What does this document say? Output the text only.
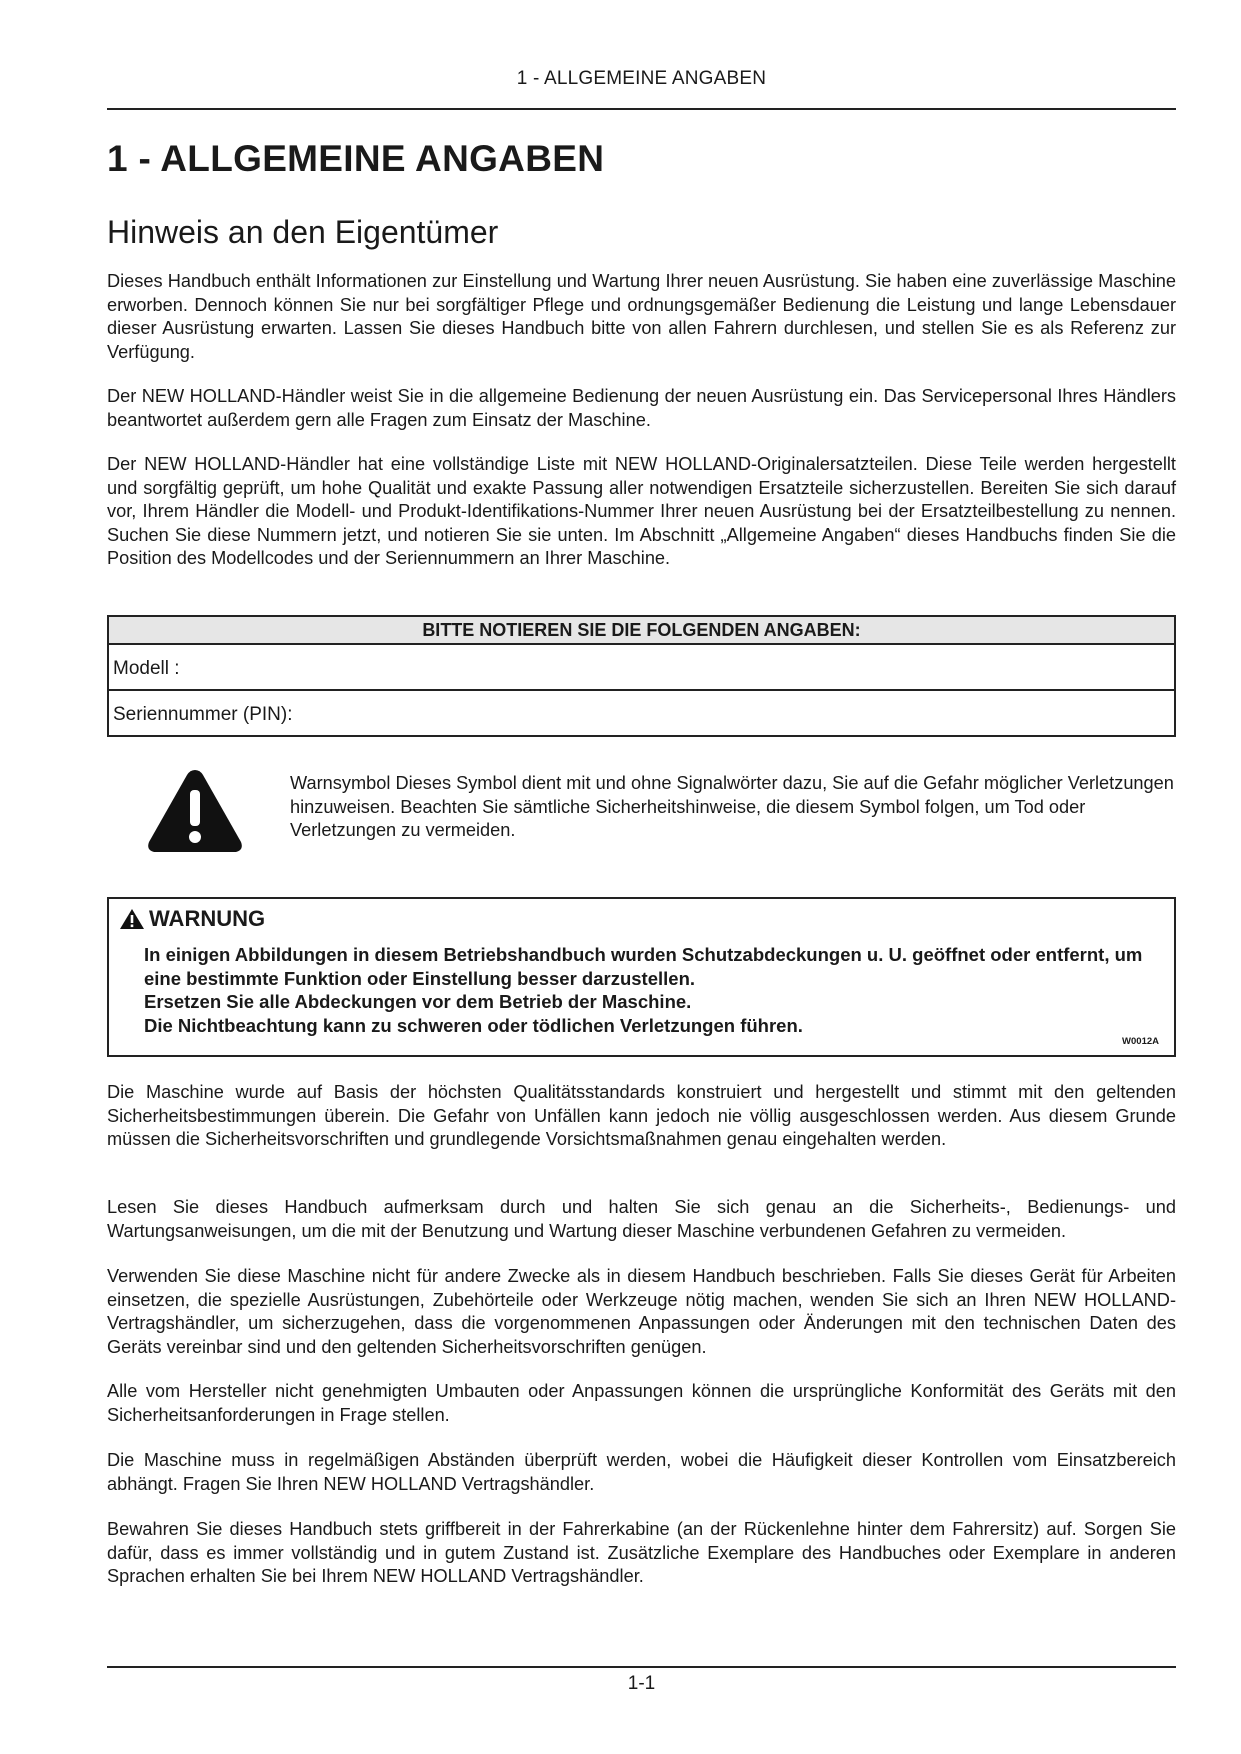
1 - ALLGEMEINE ANGABEN
1 - ALLGEMEINE ANGABEN
Hinweis an den Eigentümer

Dieses Handbuch enthält Informationen zur Einstellung und Wartung Ihrer neuen Ausrüstung. Sie haben eine zuverlässige Maschine erworben. Dennoch können Sie nur bei sorgfältiger Pflege und ordnungsgemäßer Bedienung die Leistung und lange Lebensdauer dieser Ausrüstung erwarten. Lassen Sie dieses Handbuch bitte von allen Fahrern durchlesen, und stellen Sie es als Referenz zur Verfügung.

Der NEW HOLLAND-Händler weist Sie in die allgemeine Bedienung der neuen Ausrüstung ein. Das Servicepersonal Ihres Händlers beantwortet außerdem gern alle Fragen zum Einsatz der Maschine.

Der NEW HOLLAND-Händler hat eine vollständige Liste mit NEW HOLLAND-Originalersatzteilen. Diese Teile werden hergestellt und sorgfältig geprüft, um hohe Qualität und exakte Passung aller notwendigen Ersatzteile sicherzustellen. Bereiten Sie sich darauf vor, Ihrem Händler die Modell- und Produkt-Identifikations-Nummer Ihrer neuen Ausrüstung bei der Ersatzteilbestellung zu nennen. Suchen Sie diese Nummern jetzt, und notieren Sie sie unten. Im Abschnitt „Allgemeine Angaben“ dieses Handbuchs finden Sie die Position des Modellcodes und der Seriennummern an Ihrer Maschine.

BITTE NOTIEREN SIE DIE FOLGENDEN ANGABEN:
Modell :
Seriennummer (PIN):

Warnsymbol Dieses Symbol dient mit und ohne Signalwörter dazu, Sie auf die Gefahr möglicher Verletzungen hinzuweisen. Beachten Sie sämtliche Sicherheitshinweise, die diesem Symbol folgen, um Tod oder Verletzungen zu vermeiden.

WARNUNG
In einigen Abbildungen in diesem Betriebshandbuch wurden Schutzabdeckungen u. U. geöffnet oder entfernt, um eine bestimmte Funktion oder Einstellung besser darzustellen.
Ersetzen Sie alle Abdeckungen vor dem Betrieb der Maschine.
Die Nichtbeachtung kann zu schweren oder tödlichen Verletzungen führen.
W0012A

Die Maschine wurde auf Basis der höchsten Qualitätsstandards konstruiert und hergestellt und stimmt mit den geltenden Sicherheitsbestimmungen überein. Die Gefahr von Unfällen kann jedoch nie völlig ausgeschlossen werden. Aus diesem Grunde müssen die Sicherheitsvorschriften und grundlegende Vorsichtsmaßnahmen genau eingehalten werden.

Lesen Sie dieses Handbuch aufmerksam durch und halten Sie sich genau an die Sicherheits-, Bedienungs- und Wartungsanweisungen, um die mit der Benutzung und Wartung dieser Maschine verbundenen Gefahren zu vermeiden.

Verwenden Sie diese Maschine nicht für andere Zwecke als in diesem Handbuch beschrieben. Falls Sie dieses Gerät für Arbeiten einsetzen, die spezielle Ausrüstungen, Zubehörteile oder Werkzeuge nötig machen, wenden Sie sich an Ihren NEW HOLLAND-Vertragshändler, um sicherzugehen, dass die vorgenommenen Anpassungen oder Änderungen mit den technischen Daten des Geräts vereinbar sind und den geltenden Sicherheitsvorschriften genügen.

Alle vom Hersteller nicht genehmigten Umbauten oder Anpassungen können die ursprüngliche Konformität des Geräts mit den Sicherheitsanforderungen in Frage stellen.

Die Maschine muss in regelmäßigen Abständen überprüft werden, wobei die Häufigkeit dieser Kontrollen vom Einsatzbereich abhängt. Fragen Sie Ihren NEW HOLLAND Vertragshändler.

Bewahren Sie dieses Handbuch stets griffbereit in der Fahrerkabine (an der Rückenlehne hinter dem Fahrersitz) auf. Sorgen Sie dafür, dass es immer vollständig und in gutem Zustand ist. Zusätzliche Exemplare des Handbuches oder Exemplare in anderen Sprachen erhalten Sie bei Ihrem NEW HOLLAND Vertragshändler.

1-1
